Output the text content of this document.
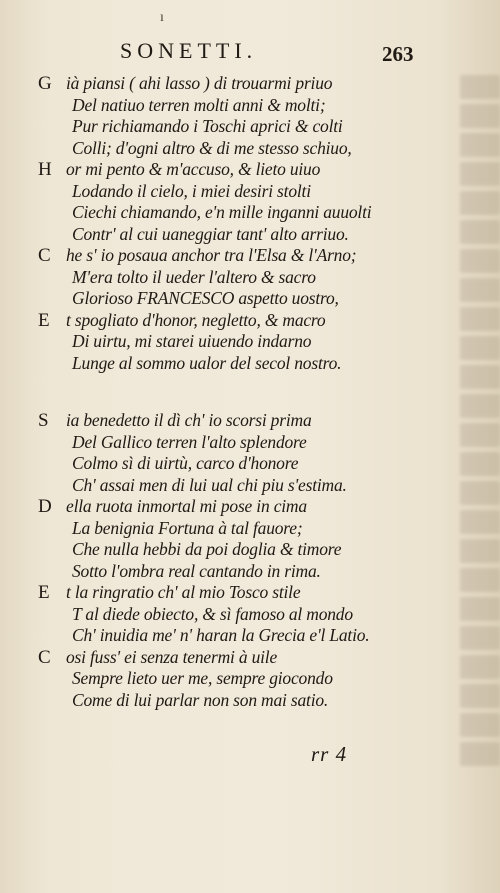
ı
SONETTI.	263
G ià piansi ( ahi lasso ) di trouarmi priuo
Del natiuo terren molti anni & molti;
Pur richiamando i Toschi aprici & colti
Colli; d'ogni altro & di me stesso schiuo,
H or mi pento & m'accuso, & lieto uiuo
Lodando il cielo, i miei desiri stolti
Ciechi chiamando, e'n mille inganni auuolti
Contr' al cui uaneggiar tant' alto arriuo.
C he s' io posaua anchor tra l'Elsa & l'Arno;
M'era tolto il ueder l'altero & sacro
Glorioso FRANCESCO aspetto uostro,
E t spogliato d'honor, negletto, & macro
Di uirtu, mi starei uiuendo indarno
Lunge al sommo ualor del secol nostro.
S ia benedetto il dì ch' io scorsi prima
Del Gallico terren l'alto splendore
Colmo sì di uirtù, carco d'honore
Ch' assai men di lui ual chi piu s'estima.
D ella ruota inmortal mi pose in cima
La benignia Fortuna à tal fauore;
Che nulla hebbi da poi doglia & timore
Sotto l'ombra real cantando in rima.
E t la ringratio ch' al mio Tosco stile
T al diede obiecto, & sì famoso al mondo
Ch' inuidia me' n' haran la Grecia e'l Latio.
C osi fuss' ei senza tenermi à uile
Sempre lieto uer me, sempre giocondo
Come di lui parlar non son mai satio.
rr 4
